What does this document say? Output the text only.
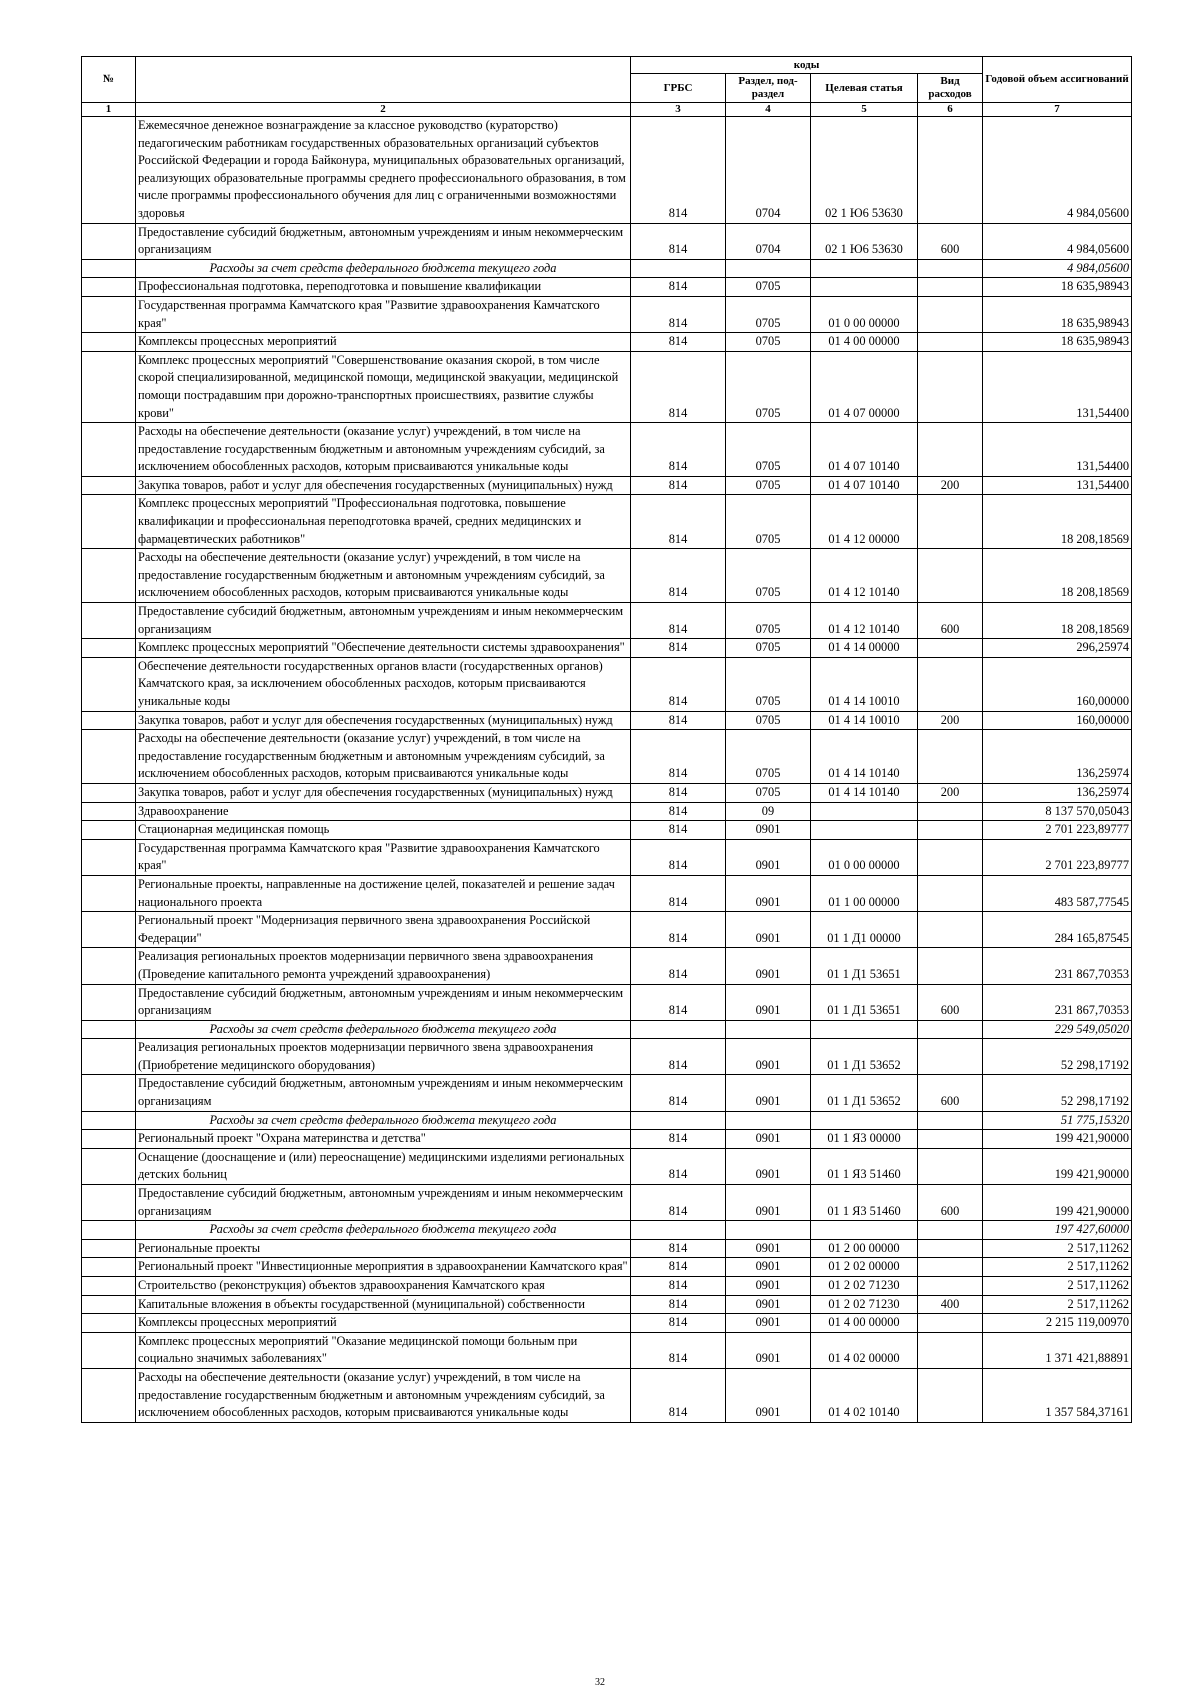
№		коды				Годовой объем ассигнований
		ГРБС	Раздел, под-раздел	Целевая статья	Вид расходов	
1	2	3	4	5	6	7
	Ежемесячное денежное вознаграждение за классное руководство (кураторство) педагогическим работникам государственных образовательных организаций субъектов Российской Федерации и города Байконура, муниципальных образовательных организаций, реализующих образовательные программы среднего профессионального образования, в том числе программы профессионального обучения для лиц с ограниченными возможностями здоровья	814	0704	02 1 Ю6 53630		4 984,05600
	Предоставление субсидий бюджетным, автономным учреждениям и иным некоммерческим организациям	814	0704	02 1 Ю6 53630	600	4 984,05600
	Расходы за счет средств федерального бюджета текущего года					4 984,05600
	Профессиональная подготовка, переподготовка и повышение квалификации	814	0705			18 635,98943
	Государственная программа Камчатского края "Развитие здравоохранения Камчатского края"	814	0705	01 0 00 00000		18 635,98943
	Комплексы процессных мероприятий	814	0705	01 4 00 00000		18 635,98943
	Комплекс процессных мероприятий "Совершенствование оказания скорой, в том числе скорой специализированной, медицинской помощи, медицинской эвакуации, медицинской помощи пострадавшим при дорожно-транспортных происшествиях, развитие службы крови"	814	0705	01 4 07 00000		131,54400
	Расходы на обеспечение деятельности (оказание услуг) учреждений, в том числе на предоставление государственным бюджетным и автономным учреждениям субсидий, за исключением обособленных расходов, которым присваиваются уникальные коды	814	0705	01 4 07 10140		131,54400
	Закупка товаров, работ и услуг для обеспечения государственных (муниципальных) нужд	814	0705	01 4 07 10140	200	131,54400
	Комплекс процессных мероприятий "Профессиональная подготовка, повышение квалификации и профессиональная переподготовка врачей, средних медицинских и фармацевтических работников"	814	0705	01 4 12 00000		18 208,18569
	Расходы на обеспечение деятельности (оказание услуг) учреждений, в том числе на предоставление государственным бюджетным и автономным учреждениям субсидий, за исключением обособленных расходов, которым присваиваются уникальные коды	814	0705	01 4 12 10140		18 208,18569
	Предоставление субсидий бюджетным, автономным учреждениям и иным некоммерческим организациям	814	0705	01 4 12 10140	600	18 208,18569
	Комплекс процессных мероприятий "Обеспечение деятельности системы здравоохранения"	814	0705	01 4 14 00000		296,25974
	Обеспечение деятельности государственных органов власти (государственных органов) Камчатского края, за исключением обособленных расходов, которым присваиваются уникальные коды	814	0705	01 4 14 10010		160,00000
	Закупка товаров, работ и услуг для обеспечения государственных (муниципальных) нужд	814	0705	01 4 14 10010	200	160,00000
	Расходы на обеспечение деятельности (оказание услуг) учреждений, в том числе на предоставление государственным бюджетным и автономным учреждениям субсидий, за исключением обособленных расходов, которым присваиваются уникальные коды	814	0705	01 4 14 10140		136,25974
	Закупка товаров, работ и услуг для обеспечения государственных (муниципальных) нужд	814	0705	01 4 14 10140	200	136,25974
	Здравоохранение	814	09			8 137 570,05043
	Стационарная медицинская помощь	814	0901			2 701 223,89777
	Государственная программа Камчатского края "Развитие здравоохранения Камчатского края"	814	0901	01 0 00 00000		2 701 223,89777
	Региональные проекты, направленные на достижение целей, показателей и решение задач национального проекта	814	0901	01 1 00 00000		483 587,77545
	Региональный проект "Модернизация первичного звена здравоохранения Российской Федерации"	814	0901	01 1 Д1 00000		284 165,87545
	Реализация региональных проектов модернизации первичного звена здравоохранения (Проведение капитального ремонта учреждений здравоохранения)	814	0901	01 1 Д1 53651		231 867,70353
	Предоставление субсидий бюджетным, автономным учреждениям и иным некоммерческим организациям	814	0901	01 1 Д1 53651	600	231 867,70353
	Расходы за счет средств федерального бюджета текущего года					229 549,05020
	Реализация региональных проектов модернизации первичного звена здравоохранения (Приобретение медицинского оборудования)	814	0901	01 1 Д1 53652		52 298,17192
	Предоставление субсидий бюджетным, автономным учреждениям и иным некоммерческим организациям	814	0901	01 1 Д1 53652	600	52 298,17192
	Расходы за счет средств федерального бюджета текущего года					51 775,15320
	Региональный проект "Охрана материнства и детства"	814	0901	01 1 Я3 00000		199 421,90000
	Оснащение (дооснащение и (или) переоснащение) медицинскими изделиями региональных детских больниц	814	0901	01 1 Я3 51460		199 421,90000
	Предоставление субсидий бюджетным, автономным учреждениям и иным некоммерческим организациям	814	0901	01 1 Я3 51460	600	199 421,90000
	Расходы за счет средств федерального бюджета текущего года					197 427,60000
	Региональные проекты	814	0901	01 2 00 00000		2 517,11262
	Региональный проект "Инвестиционные мероприятия в здравоохранении Камчатского края"	814	0901	01 2 02 00000		2 517,11262
	Строительство (реконструкция) объектов здравоохранения Камчатского края	814	0901	01 2 02 71230		2 517,11262
	Капитальные вложения в объекты государственной (муниципальной) собственности	814	0901	01 2 02 71230	400	2 517,11262
	Комплексы процессных мероприятий	814	0901	01 4 00 00000		2 215 119,00970
	Комплекс процессных мероприятий "Оказание медицинской помощи больным при социально значимых заболеваниях"	814	0901	01 4 02 00000		1 371 421,88891
	Расходы на обеспечение деятельности (оказание услуг) учреждений, в том числе на предоставление государственным бюджетным и автономным учреждениям субсидий, за исключением обособленных расходов, которым присваиваются уникальные коды	814	0901	01 4 02 10140		1 357 584,37161
32
